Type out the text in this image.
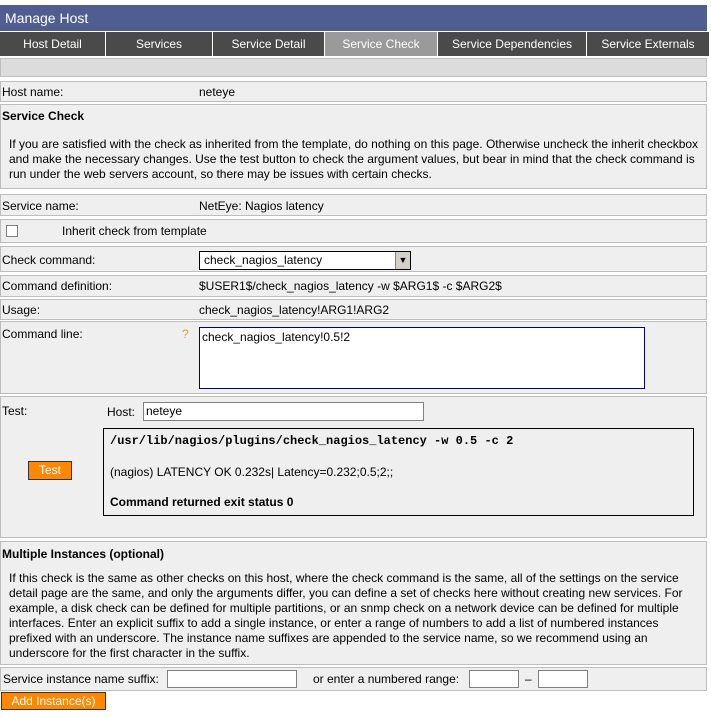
Manage Host
Host Detail	Services	Service Detail	Service Check	Service Dependencies	Service Externals
Host name:	neteye
Service Check
If you are satisfied with the check as inherited from the template, do nothing on this page. Otherwise uncheck the inherit checkbox and make the necessary changes. Use the test button to check the argument values, but bear in mind that the check command is run under the web servers account, so there may be issues with certain checks.
Service name:	NetEye: Nagios latency
Inherit check from template
Check command:	check_nagios_latency	▼
Command definition:	$USER1$/check_nagios_latency -w $ARG1$ -c $ARG2$
Usage:	check_nagios_latency!ARG1!ARG2
Command line:	? check_nagios_latency!0.5!2
Test:	Host: neteye
Test
/usr/lib/nagios/plugins/check_nagios_latency -w 0.5 -c 2
(nagios) LATENCY OK 0.232s| Latency=0.232;0.5;2;;
Command returned exit status 0
Multiple Instances (optional)
If this check is the same as other checks on this host, where the check command is the same, all of the settings on the service detail page are the same, and only the arguments differ, you can define a set of checks here without creating new services. For example, a disk check can be defined for multiple partitions, or an snmp check on a network device can be defined for multiple interfaces. Enter an explicit suffix to add a single instance, or enter a range of numbers to add a list of numbered instances prefixed with an underscore. The instance name suffixes are appended to the service name, so we recommend using an underscore for the first character in the suffix.
Service instance name suffix:	or enter a numbered range:	–
Add Instance(s)
